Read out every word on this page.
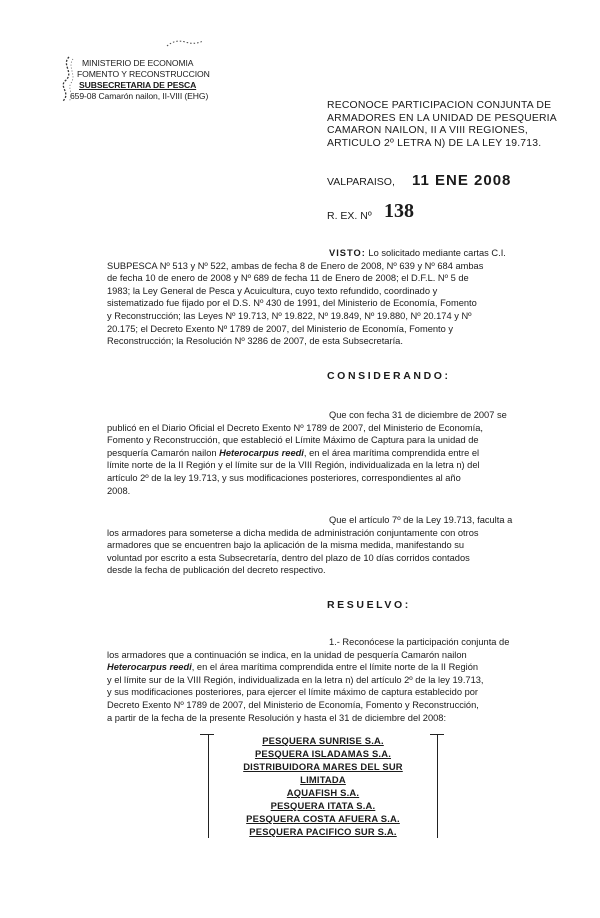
MINISTERIO DE ECONOMIA
FOMENTO Y RECONSTRUCCION
SUBSECRETARIA DE PESCA
659-08 Camarón nailon, II-VIII (EHG)
RECONOCE PARTICIPACION CONJUNTA DE
ARMADORES EN LA UNIDAD DE PESQUERIA
CAMARON NAILON, II A VIII REGIONES,
ARTICULO 2º LETRA N) DE LA LEY 19.713.
VALPARAISO, 11 ENE 2008
R. EX. Nº 138
VISTO: Lo solicitado mediante cartas C.I.
SUBPESCA Nº 513 y Nº 522, ambas de fecha 8 de Enero de 2008, Nº 639 y Nº 684 ambas
de fecha 10 de enero de 2008 y Nº 689 de fecha 11 de Enero de 2008; el D.F.L. Nº 5 de
1983; la Ley General de Pesca y Acuicultura, cuyo texto refundido, coordinado y
sistematizado fue fijado por el D.S. Nº 430 de 1991, del Ministerio de Economía, Fomento
y Reconstrucción; las Leyes Nº 19.713, Nº 19.822, Nº 19.849, Nº 19.880, Nº 20.174 y Nº
20.175; el Decreto Exento Nº 1789 de 2007, del Ministerio de Economía, Fomento y
Reconstrucción; la Resolución Nº 3286 de 2007, de esta Subsecretaría.
CONSIDERANDO:
Que con fecha 31 de diciembre de 2007 se
publicó en el Diario Oficial el Decreto Exento Nº 1789 de 2007, del Ministerio de Economía,
Fomento y Reconstrucción, que estableció el Límite Máximo de Captura para la unidad de
pesquería Camarón nailon Heterocarpus reedi, en el área marítima comprendida entre el
límite norte de la II Región y el límite sur de la VIII Región, individualizada en la letra n) del
artículo 2º de la ley 19.713, y sus modificaciones posteriores, correspondientes al año
2008.
Que el artículo 7º de la Ley 19.713, faculta a
los armadores para someterse a dicha medida de administración conjuntamente con otros
armadores que se encuentren bajo la aplicación de la misma medida, manifestando su
voluntad por escrito a esta Subsecretaría, dentro del plazo de 10 días corridos contados
desde la fecha de publicación del decreto respectivo.
RESUELVO:
1.- Reconócese la participación conjunta de
los armadores que a continuación se indica, en la unidad de pesquería Camarón nailon
Heterocarpus reedi, en el área marítima comprendida entre el límite norte de la II Región
y el límite sur de la VIII Región, individualizada en la letra n) del artículo 2º de la ley 19.713,
y sus modificaciones posteriores, para ejercer el límite máximo de captura establecido por
Decreto Exento Nº 1789 de 2007, del Ministerio de Economía, Fomento y Reconstrucción,
a partir de la fecha de la presente Resolución y hasta el 31 de diciembre del 2008:
PESQUERA SUNRISE S.A.
PESQUERA ISLADAMAS S.A.
DISTRIBUIDORA MARES DEL SUR
LIMITADA
AQUAFISH S.A.
PESQUERA ITATA S.A.
PESQUERA COSTA AFUERA S.A.
PESQUERA PACIFICO SUR S.A.
